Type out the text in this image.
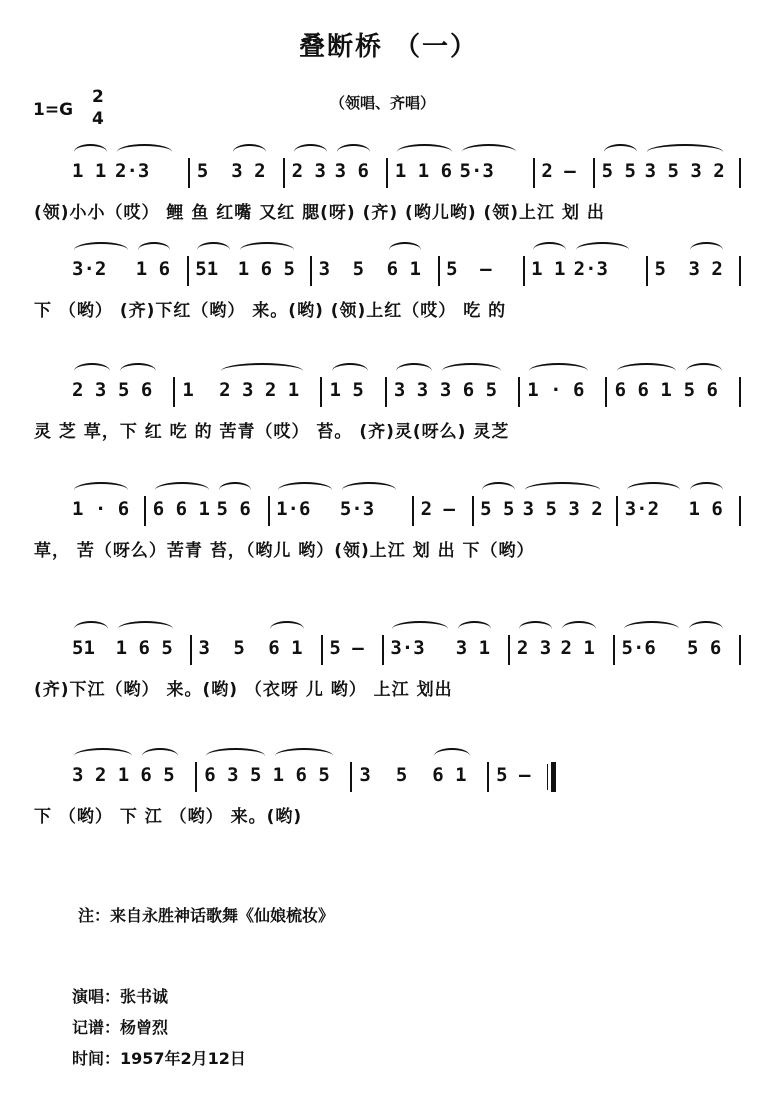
叠断桥 （一）
1=G
2
4
（领唱、齐唱）
1 1 2·3 5 3 2 2 3 3 6 1 1 6 5·3 2 — 5 5 3 5 3 2
(领)小小（哎） 鲤 鱼 红嘴 又红 腮(呀) (齐) (哟儿哟) (领)上江 划 出
3·2 1 6 51 1 6 5 3 5 6 1 5 — 1 1 2·3 5 3 2
下 （哟） (齐)下红（哟） 来。(哟) (领)上红（哎） 吃 的
2 3 5 6 1 2 3 2 1 1 5 3 3 3 6 5 1 · 6 6 6 1 5 6
灵 芝 草，下 红 吃 的 苦青（哎） 苔。 (齐)灵(呀么) 灵芝
1 · 6 6 6 1 5 6 1·6 5·3 2 — 5 5 3 5 3 2 3·2 1 6
草， 苦（呀么）苦青 苔，（哟儿 哟）(领)上江 划 出 下（哟）
51 1 6 5 3 5 6 1 5 — 3·3 3 1 2 3 2 1 5·6 5 6
(齐)下江（哟） 来。(哟) （衣呀 儿 哟） 上江 划出
3 2 1 6 5 6 3 5 1 6 5 3 5 6 1 5 —
下 （哟） 下 江 （哟） 来。(哟)
注：来自永胜神话歌舞《仙娘梳妆》
演唱：张书诚
记谱：杨曾烈
时间：1957年2月12日
